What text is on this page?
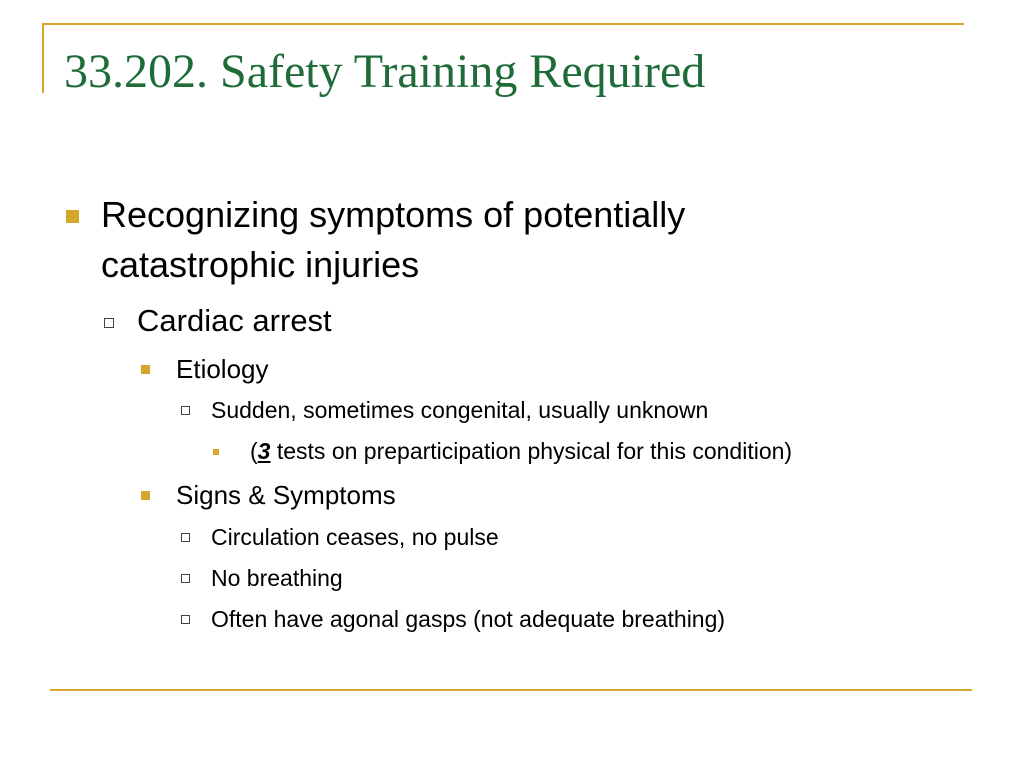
33.202. Safety Training Required
Recognizing symptoms of potentially
catastrophic injuries
Cardiac arrest
Etiology
Sudden, sometimes congenital, usually unknown
(3 tests on preparticipation physical for this condition)
Signs & Symptoms
Circulation ceases, no pulse
No breathing
Often have agonal gasps (not adequate breathing)
